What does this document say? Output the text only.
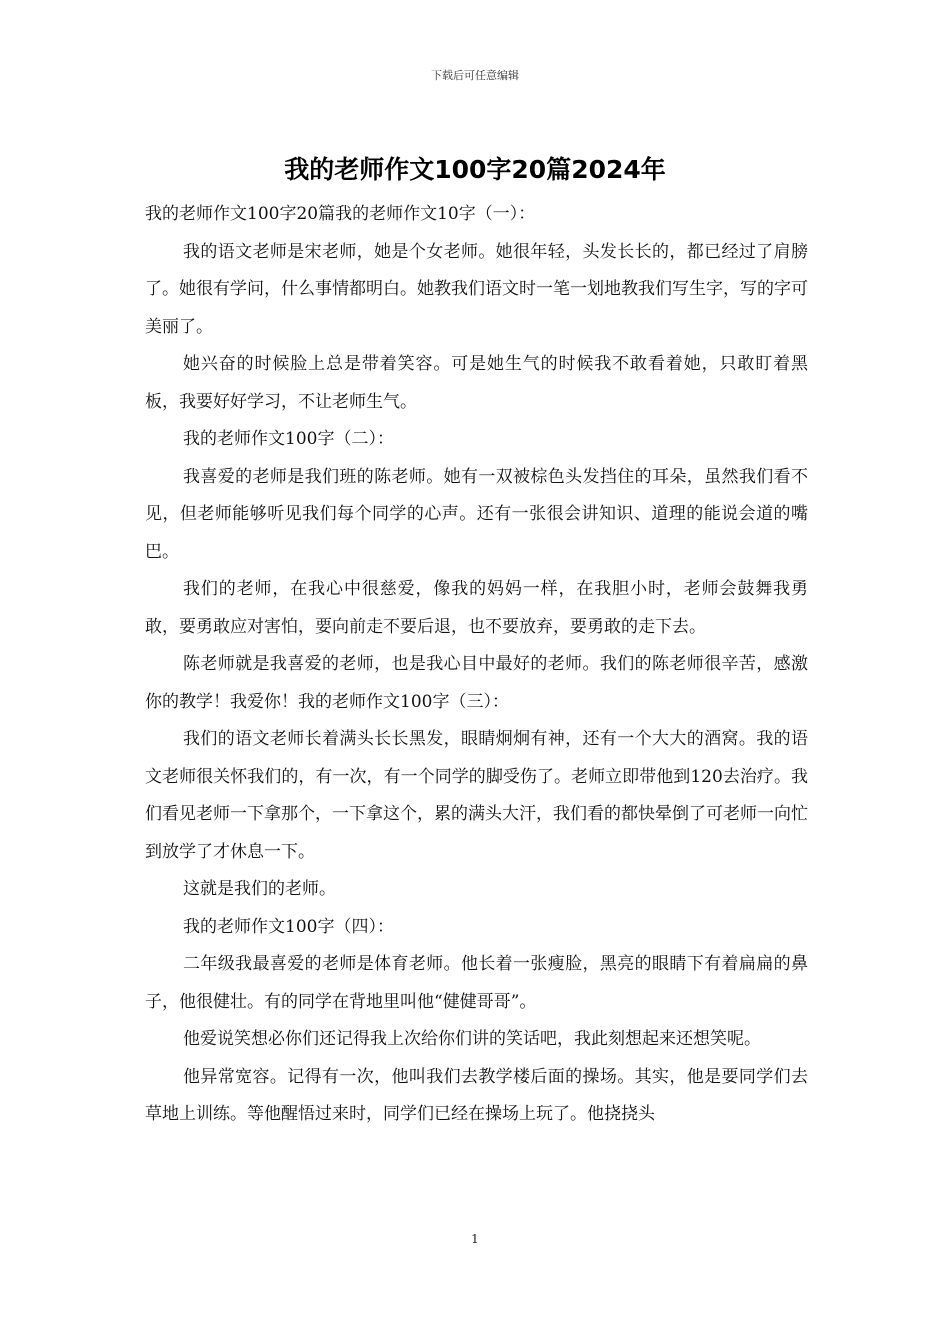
下载后可任意编辑
我的老师作文100字20篇2024年

我的老师作文100字20篇我的老师作文10字（一）：

我的语文老师是宋老师，她是个女老师。她很年轻，头发长长的，都已经过了肩膀了。她很有学问，什么事情都明白。她教我们语文时一笔一划地教我们写生字，写的字可美丽了。

她兴奋的时候脸上总是带着笑容。可是她生气的时候我不敢看着她，只敢盯着黑板，我要好好学习，不让老师生气。

我的老师作文100字（二）：

我喜爱的老师是我们班的陈老师。她有一双被棕色头发挡住的耳朵，虽然我们看不见，但老师能够听见我们每个同学的心声。还有一张很会讲知识、道理的能说会道的嘴巴。

我们的老师，在我心中很慈爱，像我的妈妈一样，在我胆小时，老师会鼓舞我勇敢，要勇敢应对害怕，要向前走不要后退，也不要放弃，要勇敢的走下去。

陈老师就是我喜爱的老师，也是我心目中最好的老师。我们的陈老师很辛苦，感激你的教学！我爱你！我的老师作文100字（三）：

我们的语文老师长着满头长长黑发，眼睛炯炯有神，还有一个大大的酒窝。我的语文老师很关怀我们的，有一次，有一个同学的脚受伤了。老师立即带他到120去治疗。我们看见老师一下拿那个，一下拿这个，累的满头大汗，我们看的都快晕倒了可老师一向忙到放学了才休息一下。

这就是我们的老师。

我的老师作文100字（四）：

二年级我最喜爱的老师是体育老师。他长着一张瘦脸，黑亮的眼睛下有着扁扁的鼻子，他很健壮。有的同学在背地里叫他“健健哥哥”。

他爱说笑想必你们还记得我上次给你们讲的笑话吧，我此刻想起来还想笑呢。

他异常宽容。记得有一次，他叫我们去教学楼后面的操场。其实，他是要同学们去草地上训练。等他醒悟过来时，同学们已经在操场上玩了。他挠挠头

1
